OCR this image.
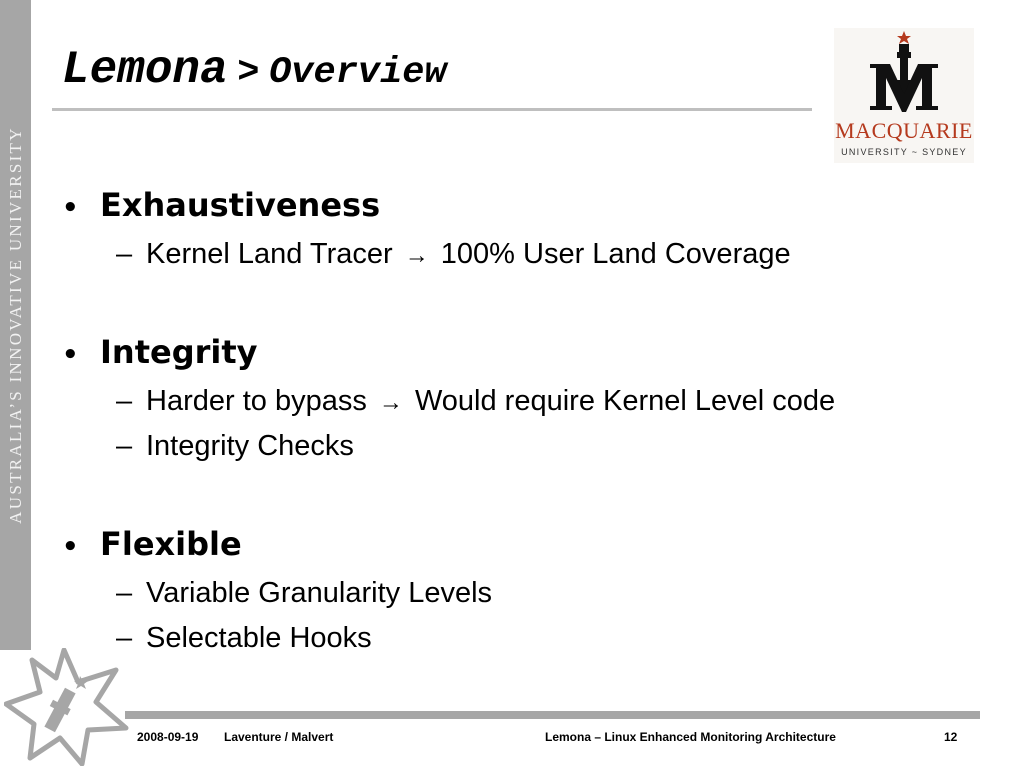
AUSTRALIA’S INNOVATIVE UNIVERSITY
Lemona > Overview
MACQUARIE
UNIVERSITY ~ SYDNEY
• Exhaustiveness
– Kernel Land Tracer → 100% User Land Coverage
• Integrity
– Harder to bypass → Would require Kernel Level code
– Integrity Checks
• Flexible
– Variable Granularity Levels
– Selectable Hooks
2008-09-19 Laventure / Malvert	Lemona – Linux Enhanced Monitoring Architecture	12
